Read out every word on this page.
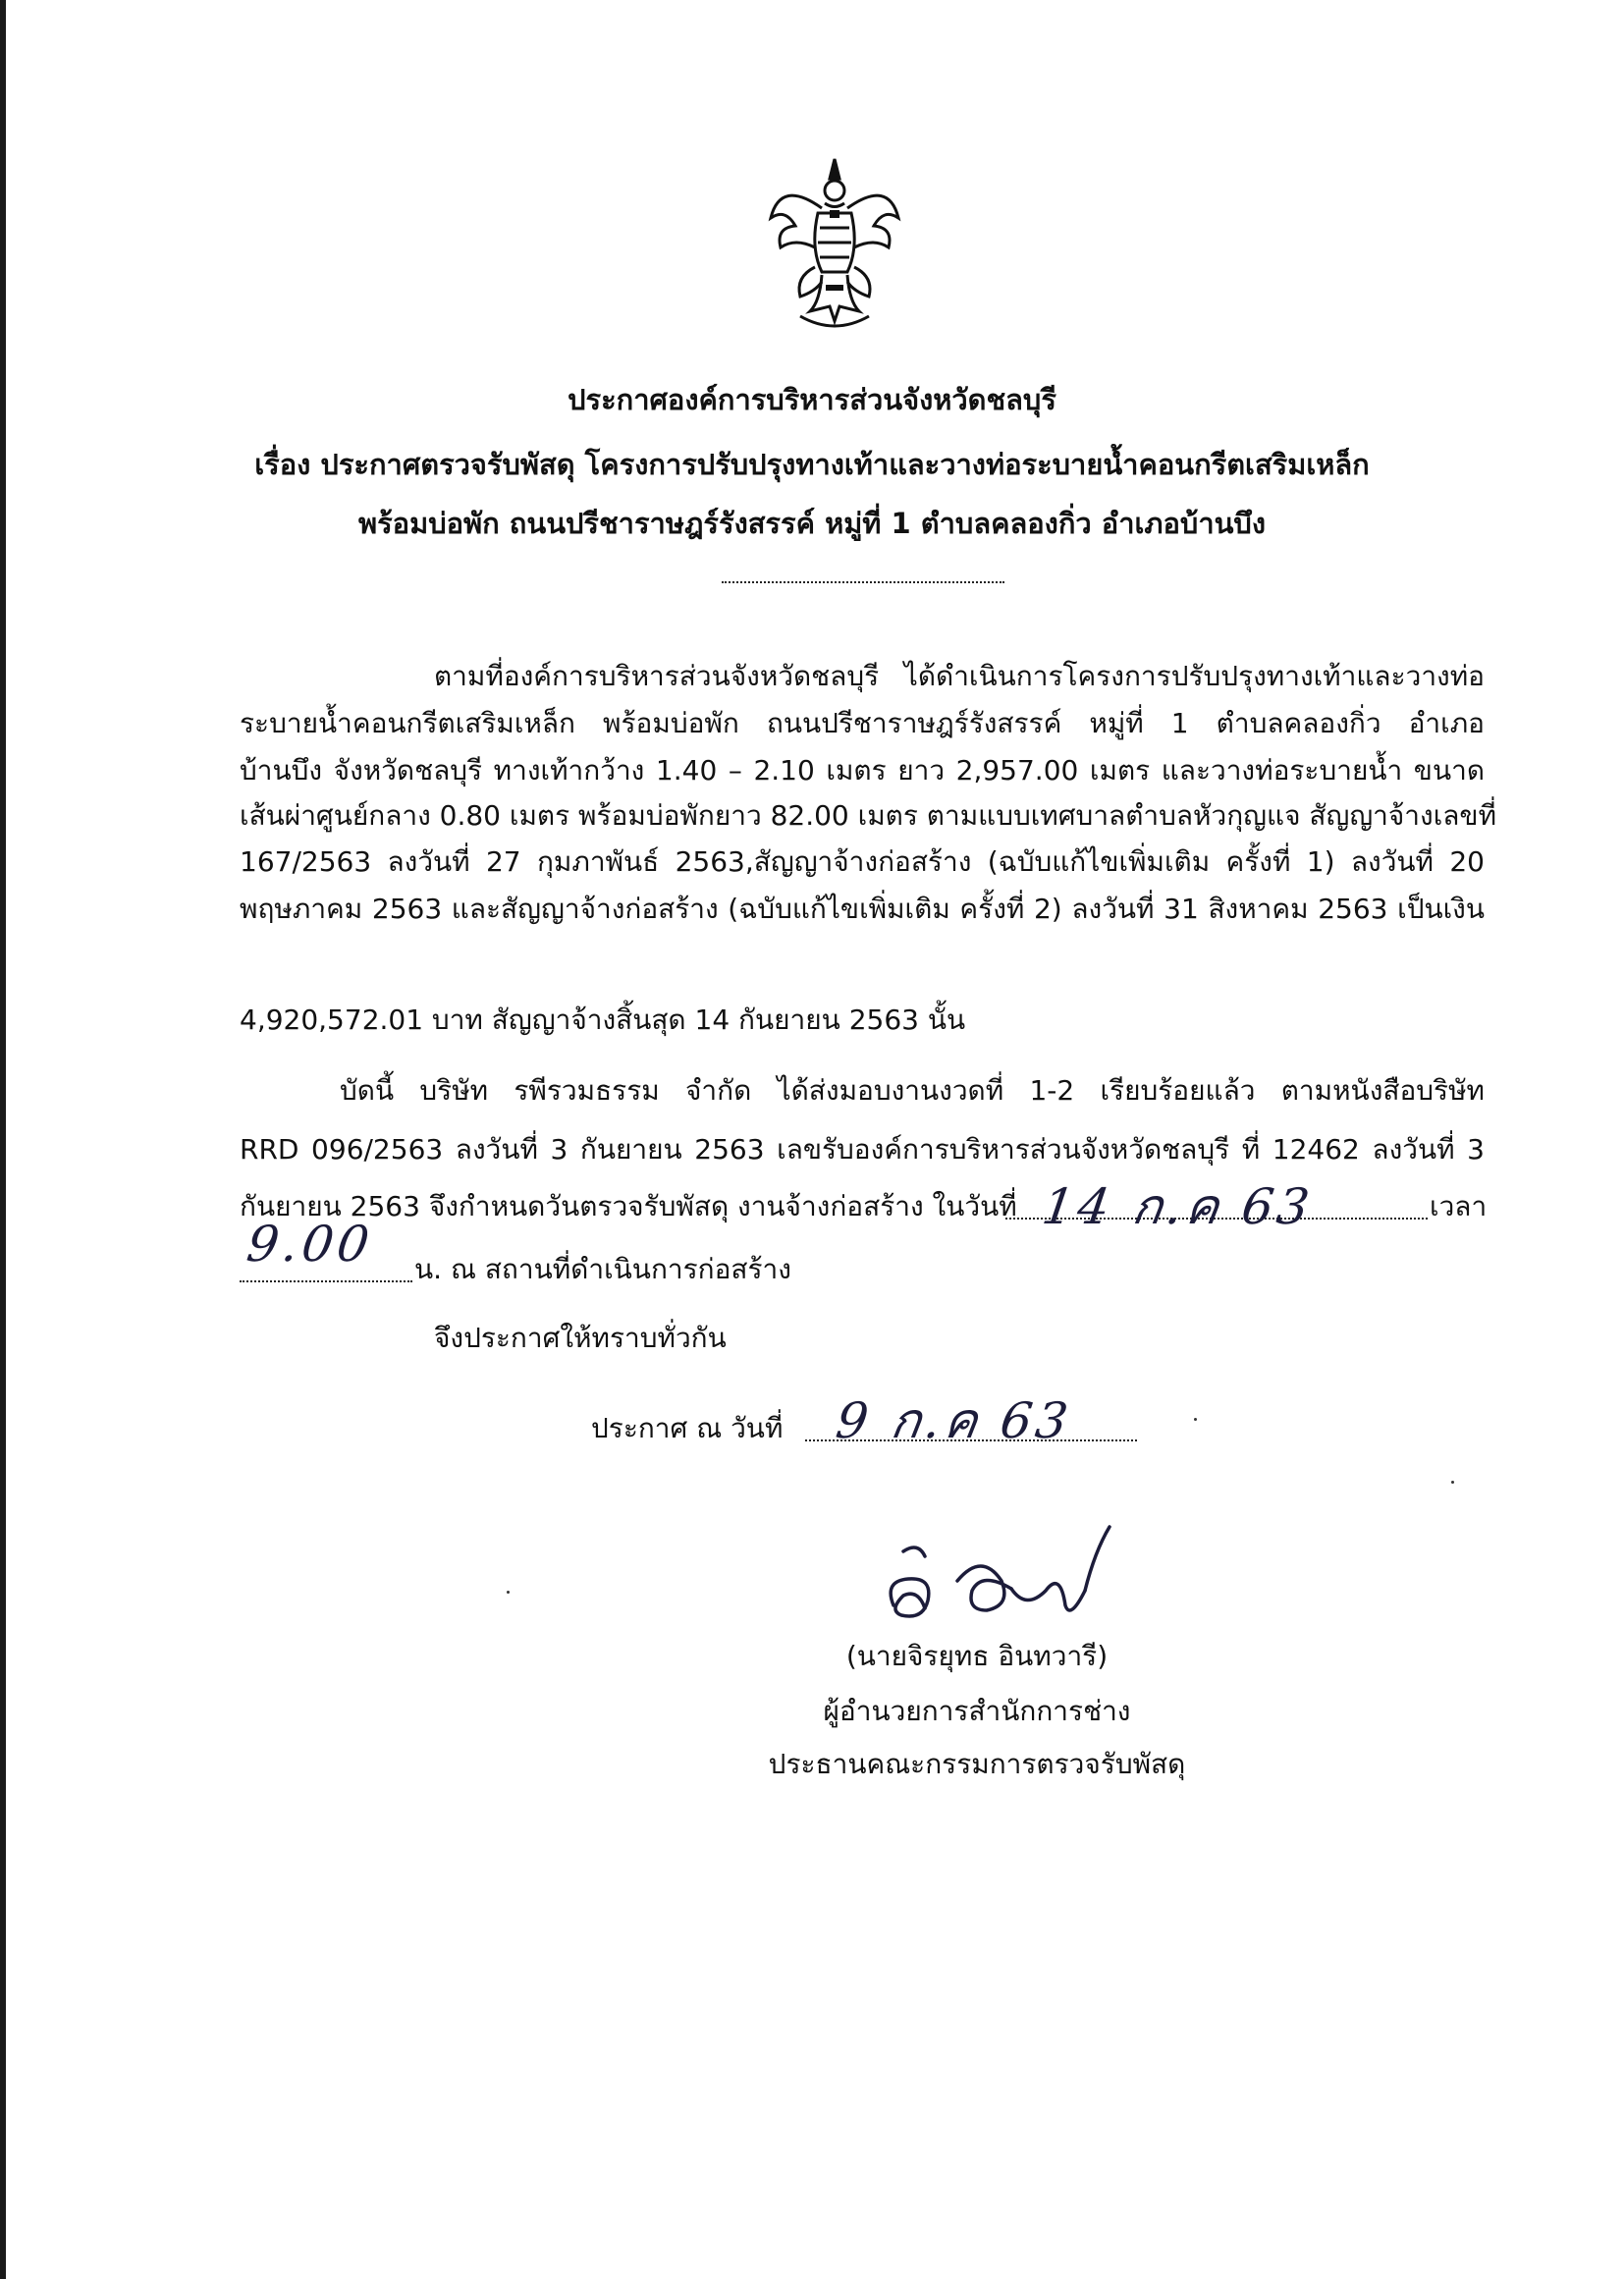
ประกาศองค์การบริหารส่วนจังหวัดชลบุรี
เรื่อง ประกาศตรวจรับพัสดุ โครงการปรับปรุงทางเท้าและวางท่อระบายน้ำคอนกรีตเสริมเหล็ก
พร้อมบ่อพัก ถนนปรีชาราษฎร์รังสรรค์ หมู่ที่ 1 ตำบลคลองกิ่ว อำเภอบ้านบึง
ตามที่องค์การบริหารส่วนจังหวัดชลบุรี ได้ดำเนินการโครงการปรับปรุงทางเท้าและวางท่อ
ระบายน้ำคอนกรีตเสริมเหล็ก พร้อมบ่อพัก ถนนปรีชาราษฎร์รังสรรค์ หมู่ที่ 1 ตำบลคลองกิ่ว อำเภอ
บ้านบึง จังหวัดชลบุรี ทางเท้ากว้าง 1.40 – 2.10 เมตร ยาว 2,957.00 เมตร และวางท่อระบายน้ำ ขนาด
เส้นผ่าศูนย์กลาง 0.80 เมตร พร้อมบ่อพักยาว 82.00 เมตร ตามแบบเทศบาลตำบลหัวกุญแจ สัญญาจ้างเลขที่
167/2563 ลงวันที่ 27 กุมภาพันธ์ 2563,สัญญาจ้างก่อสร้าง (ฉบับแก้ไขเพิ่มเติม ครั้งที่ 1) ลงวันที่ 20
พฤษภาคม 2563 และสัญญาจ้างก่อสร้าง (ฉบับแก้ไขเพิ่มเติม ครั้งที่ 2) ลงวันที่ 31 สิงหาคม 2563 เป็นเงิน
4,920,572.01 บาท สัญญาจ้างสิ้นสุด 14 กันยายน 2563 นั้น
บัดนี้ บริษัท รพีรวมธรรม จำกัด ได้ส่งมอบงานงวดที่ 1-2 เรียบร้อยแล้ว ตามหนังสือบริษัท
RRD 096/2563 ลงวันที่ 3 กันยายน 2563 เลขรับองค์การบริหารส่วนจังหวัดชลบุรี ที่ 12462 ลงวันที่ 3
กันยายน 2563 จึงกำหนดวันตรวจรับพัสดุ งานจ้างก่อสร้าง ในวันที่ 14 ก.ค 63	เวลา
9.00 น. ณ สถานที่ดำเนินการก่อสร้าง
จึงประกาศให้ทราบทั่วกัน
ประกาศ ณ วันที่ 9 ก.ค 63
(นายจิรยุทธ อินทวารี)
ผู้อำนวยการสำนักการช่าง
ประธานคณะกรรมการตรวจรับพัสดุ
